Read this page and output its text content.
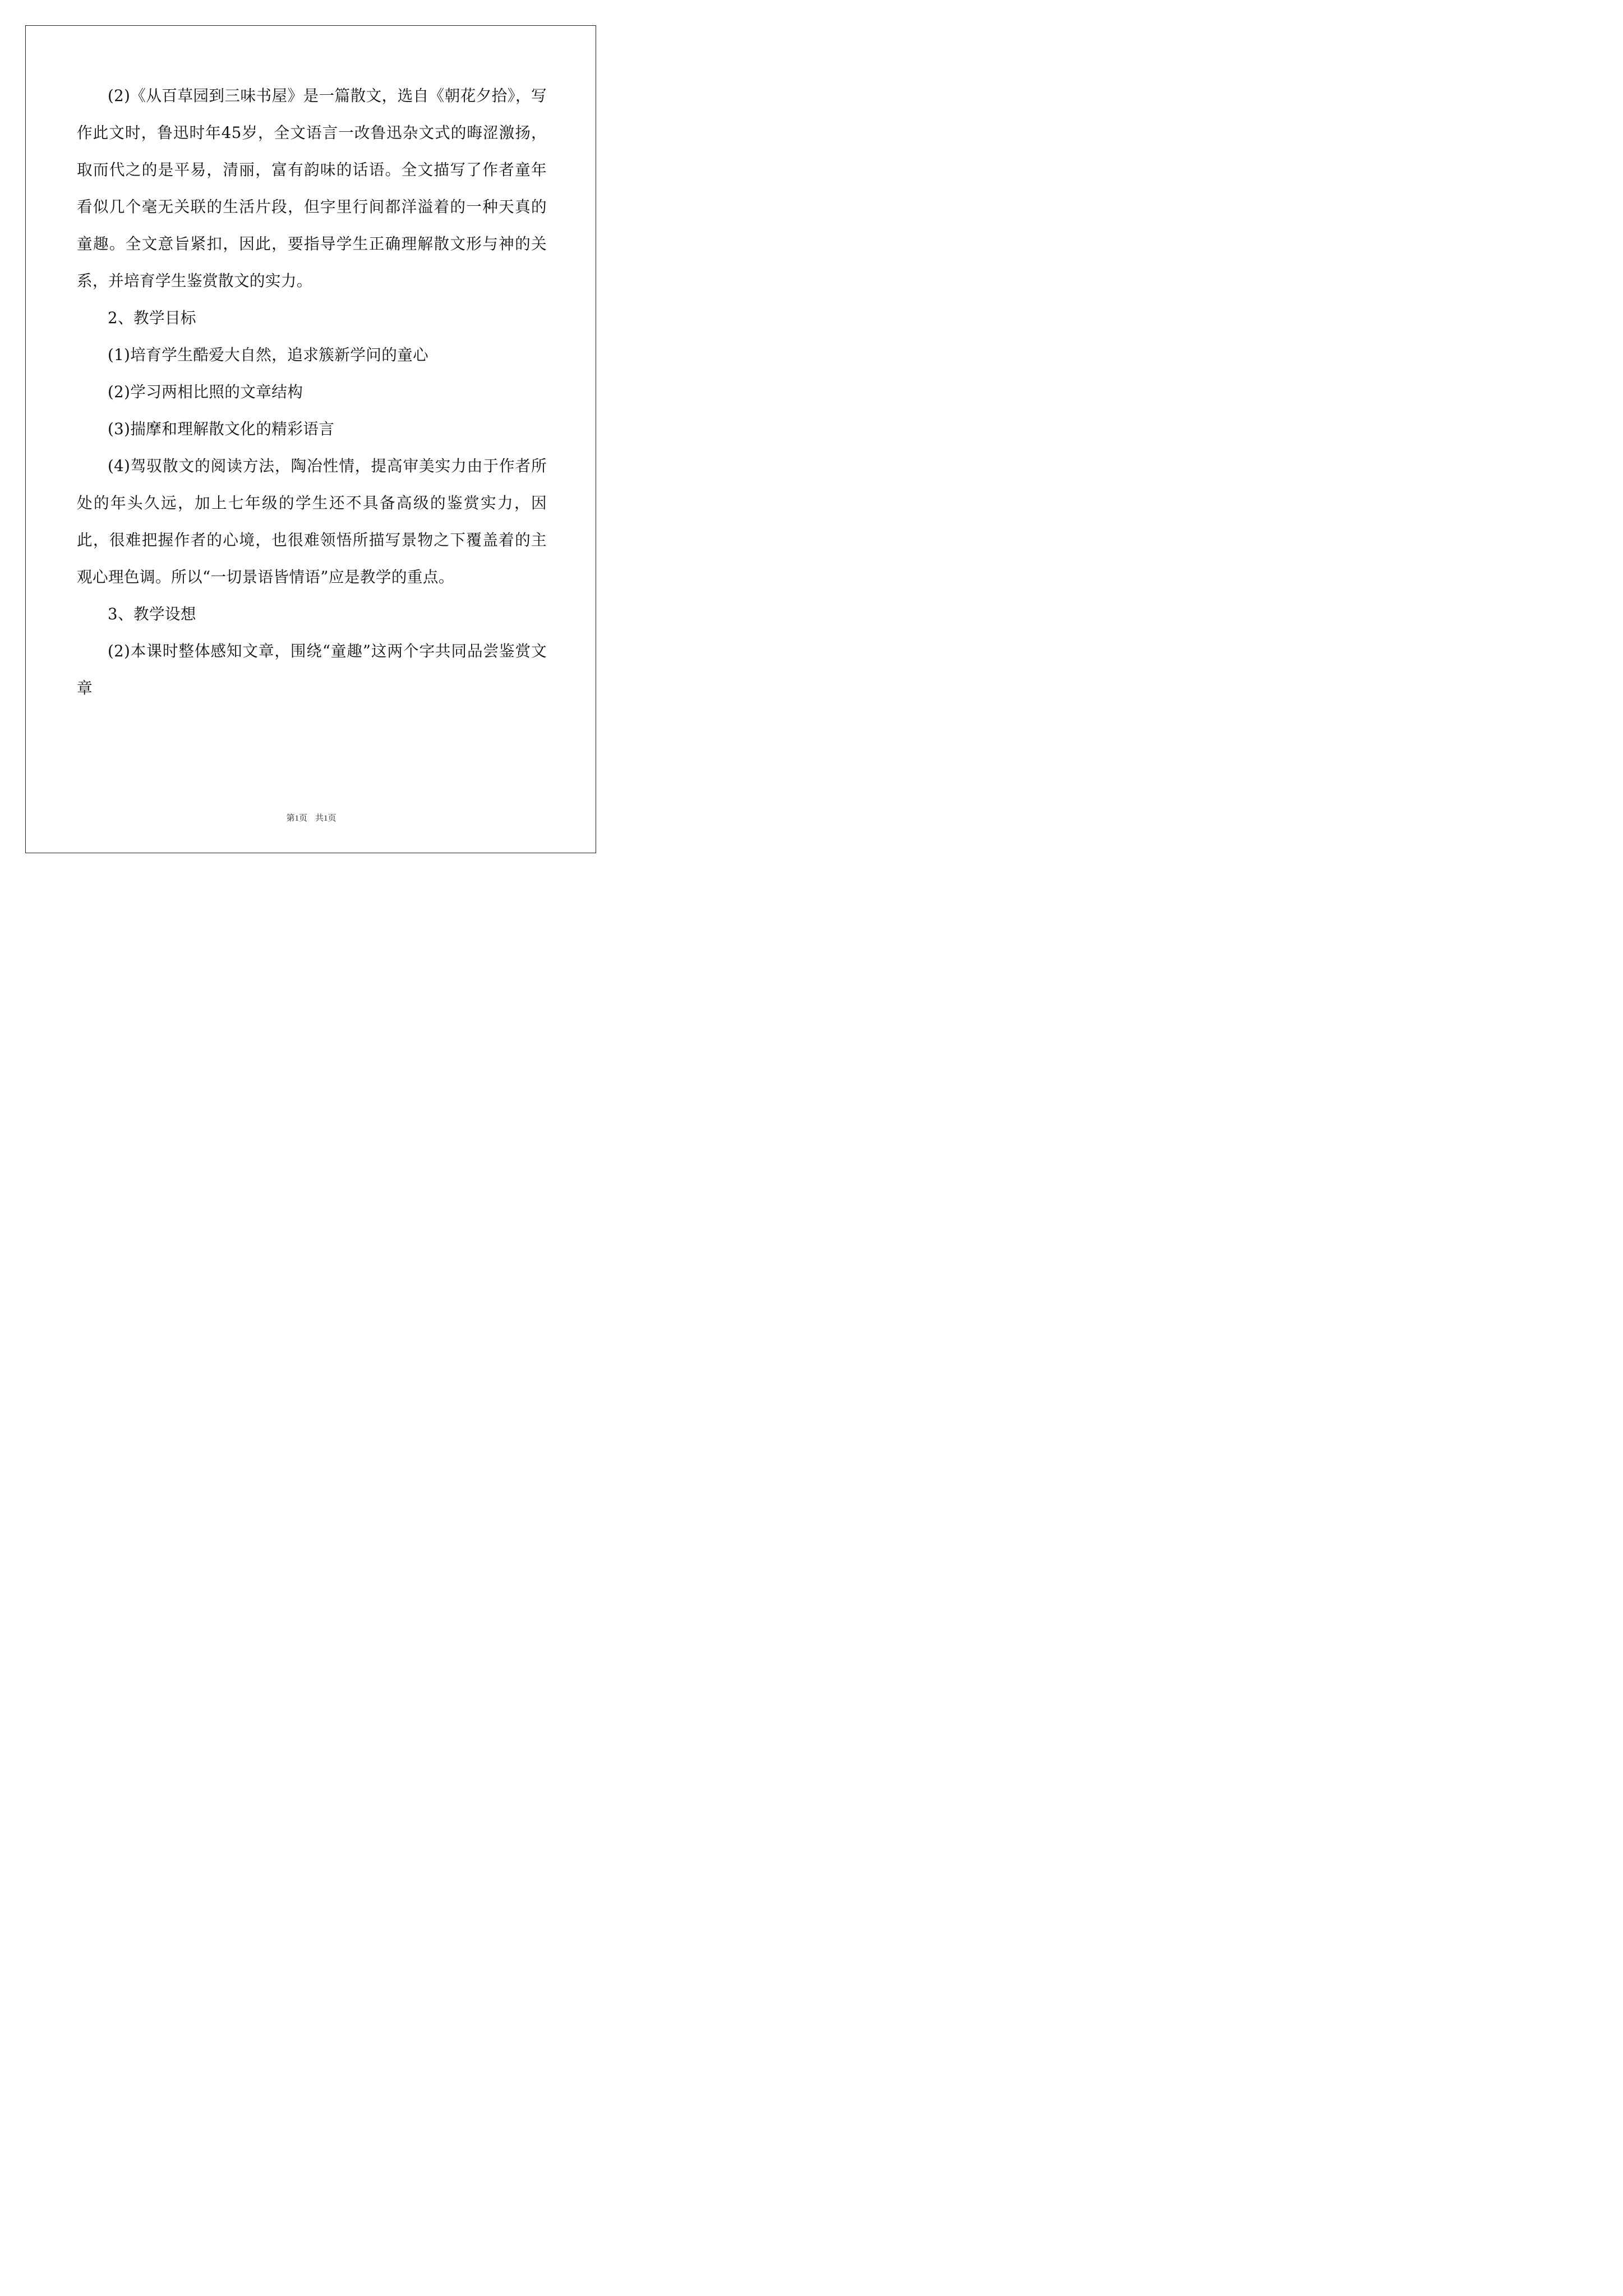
(2)《从百草园到三味书屋》是一篇散文，选自《朝花夕拾》，写作此文时，鲁迅时年45岁，全文语言一改鲁迅杂文式的晦涩激扬，取而代之的是平易，清丽，富有韵味的话语。全文描写了作者童年看似几个毫无关联的生活片段，但字里行间都洋溢着的一种天真的童趣。全文意旨紧扣，因此，要指导学生正确理解散文形与神的关系，并培育学生鉴赏散文的实力。

2、教学目标

(1)培育学生酷爱大自然，追求簇新学问的童心

(2)学习两相比照的文章结构

(3)揣摩和理解散文化的精彩语言

(4)驾驭散文的阅读方法，陶冶性情，提高审美实力由于作者所处的年头久远，加上七年级的学生还不具备高级的鉴赏实力，因此，很难把握作者的心境，也很难领悟所描写景物之下覆盖着的主观心理色调。所以“一切景语皆情语”应是教学的重点。

3、教学设想

(2)本课时整体感知文章，围绕“童趣”这两个字共同品尝鉴赏文章

第1页 共1页
